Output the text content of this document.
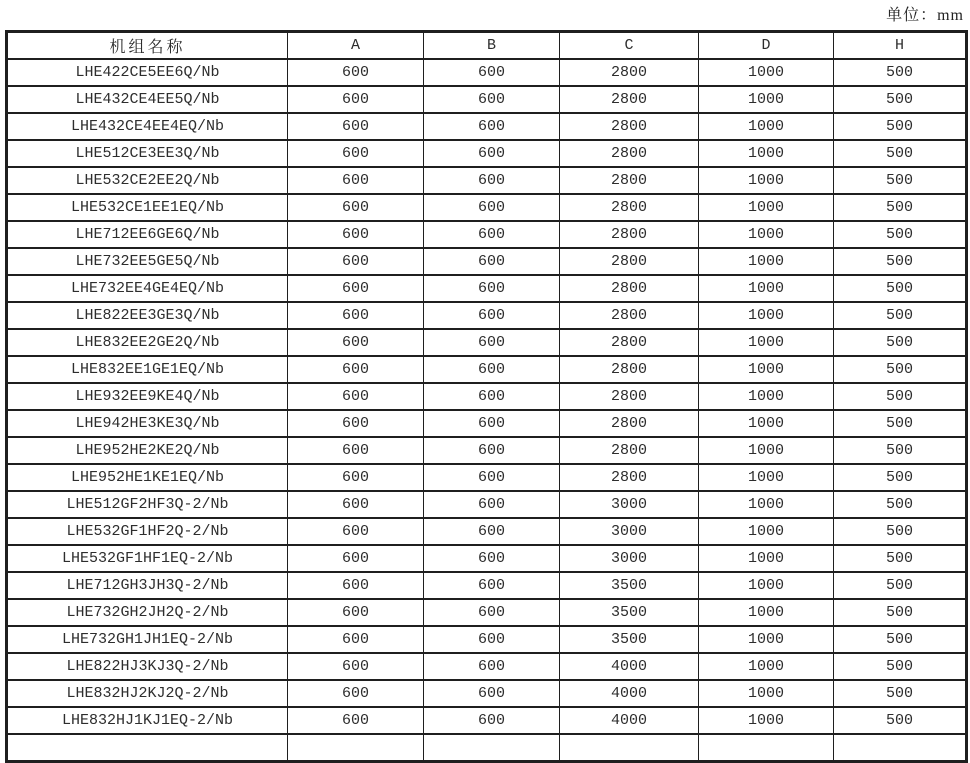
单位：mm
机组名称	A	B	C	D	H
LHE422CE5EE6Q/Nb	600	600	2800	1000	500
LHE432CE4EE5Q/Nb	600	600	2800	1000	500
LHE432CE4EE4EQ/Nb	600	600	2800	1000	500
LHE512CE3EE3Q/Nb	600	600	2800	1000	500
LHE532CE2EE2Q/Nb	600	600	2800	1000	500
LHE532CE1EE1EQ/Nb	600	600	2800	1000	500
LHE712EE6GE6Q/Nb	600	600	2800	1000	500
LHE732EE5GE5Q/Nb	600	600	2800	1000	500
LHE732EE4GE4EQ/Nb	600	600	2800	1000	500
LHE822EE3GE3Q/Nb	600	600	2800	1000	500
LHE832EE2GE2Q/Nb	600	600	2800	1000	500
LHE832EE1GE1EQ/Nb	600	600	2800	1000	500
LHE932EE9KE4Q/Nb	600	600	2800	1000	500
LHE942HE3KE3Q/Nb	600	600	2800	1000	500
LHE952HE2KE2Q/Nb	600	600	2800	1000	500
LHE952HE1KE1EQ/Nb	600	600	2800	1000	500
LHE512GF2HF3Q-2/Nb	600	600	3000	1000	500
LHE532GF1HF2Q-2/Nb	600	600	3000	1000	500
LHE532GF1HF1EQ-2/Nb	600	600	3000	1000	500
LHE712GH3JH3Q-2/Nb	600	600	3500	1000	500
LHE732GH2JH2Q-2/Nb	600	600	3500	1000	500
LHE732GH1JH1EQ-2/Nb	600	600	3500	1000	500
LHE822HJ3KJ3Q-2/Nb	600	600	4000	1000	500
LHE832HJ2KJ2Q-2/Nb	600	600	4000	1000	500
LHE832HJ1KJ1EQ-2/Nb	600	600	4000	1000	500
